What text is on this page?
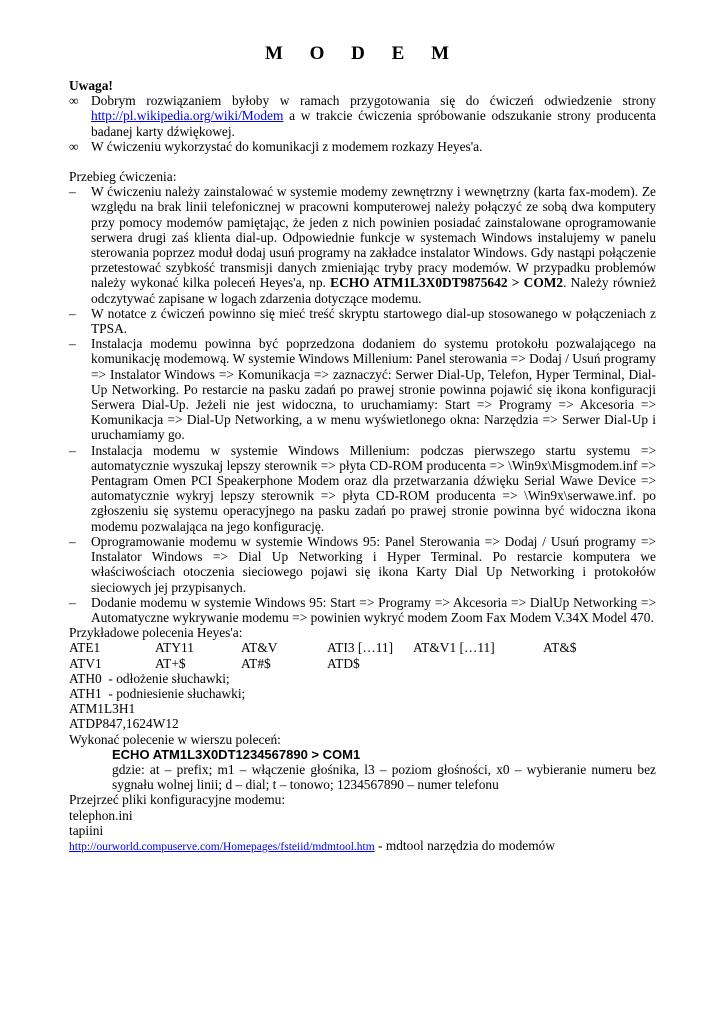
M O D E M
Uwaga!
∞ Dobrym rozwiązaniem byłoby w ramach przygotowania się do ćwiczeń odwiedzenie strony http://pl.wikipedia.org/wiki/Modem a w trakcie ćwiczenia spróbowanie odszukanie strony producenta badanej karty dźwiękowej.
∞ W ćwiczeniu wykorzystać do komunikacji z modemem rozkazy Heyes'a.
Przebieg ćwiczenia:
– W ćwiczeniu należy zainstalować w systemie modemy zewnętrzny i wewnętrzny (karta fax-modem). Ze względu na brak linii telefonicznej w pracowni komputerowej należy połączyć ze sobą dwa komputery przy pomocy modemów pamiętając, że jeden z nich powinien posiadać zainstalowane oprogramowanie serwera drugi zaś klienta dial-up. Odpowiednie funkcje w systemach Windows instalujemy w panelu sterowania poprzez moduł dodaj usuń programy na zakładce instalator Windows. Gdy nastąpi połączenie przetestować szybkość transmisji danych zmieniając tryby pracy modemów. W przypadku problemów należy wykonać kilka poleceń Heyes'a, np. ECHO ATM1L3X0DT9875642 > COM2. Należy również odczytywać zapisane w logach zdarzenia dotyczące modemu.
– W notatce z ćwiczeń powinno się mieć treść skryptu startowego dial-up stosowanego w połączeniach z TPSA.
– Instalacja modemu powinna być poprzedzona dodaniem do systemu protokołu pozwalającego na komunikację modemową. W systemie Windows Millenium: Panel sterowania => Dodaj / Usuń programy => Instalator Windows => Komunikacja => zaznaczyć: Serwer Dial-Up, Telefon, Hyper Terminal, Dial-Up Networking. Po restarcie na pasku zadań po prawej stronie powinna pojawić się ikona konfiguracji Serwera Dial-Up. Jeżeli nie jest widoczna, to uruchamiamy: Start => Programy => Akcesoria => Komunikacja => Dial-Up Networking, a w menu wyświetlonego okna: Narzędzia => Serwer Dial-Up i uruchamiamy go.
– Instalacja modemu w systemie Windows Millenium: podczas pierwszego startu systemu => automatycznie wyszukaj lepszy sterownik => płyta CD-ROM producenta => \Win9x\Misgmodem.inf => Pentagram Omen PCI Speakerphone Modem oraz dla przetwarzania dźwięku Serial Wawe Device => automatycznie wykryj lepszy sterownik => płyta CD-ROM producenta => \Win9x\serwawe.inf. po zgłoszeniu się systemu operacyjnego na pasku zadań po prawej stronie powinna być widoczna ikona modemu pozwalająca na jego konfigurację.
– Oprogramowanie modemu w systemie Windows 95: Panel Sterowania => Dodaj / Usuń programy => Instalator Windows => Dial Up Networking i Hyper Terminal. Po restarcie komputera we właściwościach otoczenia sieciowego pojawi się ikona Karty Dial Up Networking i protokołów sieciowych jej przypisanych.
– Dodanie modemu w systemie Windows 95: Start => Programy => Akcesoria => DialUp Networking => Automatyczne wykrywanie modemu => powinien wykryć modem Zoom Fax Modem V.34X Model 470.
Przykładowe polecenia Heyes'a:
ATE1	ATY11	AT&V	ATI3 […11]	AT&V1 […11]	AT&$
ATV1	AT+$	AT#$	ATD$
ATH0  - odłożenie słuchawki;
ATH1  - podniesienie słuchawki;
ATM1L3H1
ATDP847,1624W12
Wykonać polecenie w wierszu poleceń:
ECHO ATM1L3X0DT1234567890 > COM1
gdzie: at – prefix; m1 – włączenie głośnika, l3 – poziom głośności, x0 – wybieranie numeru bez sygnału wolnej linii; d – dial; t – tonowo; 1234567890 – numer telefonu
Przejrzeć pliki konfiguracyjne modemu:
telephon.ini
tapiini
http://ourworld.compuserve.com/Homepages/fsteiid/mdmtool.htm - mdtool narzędzia do modemów
